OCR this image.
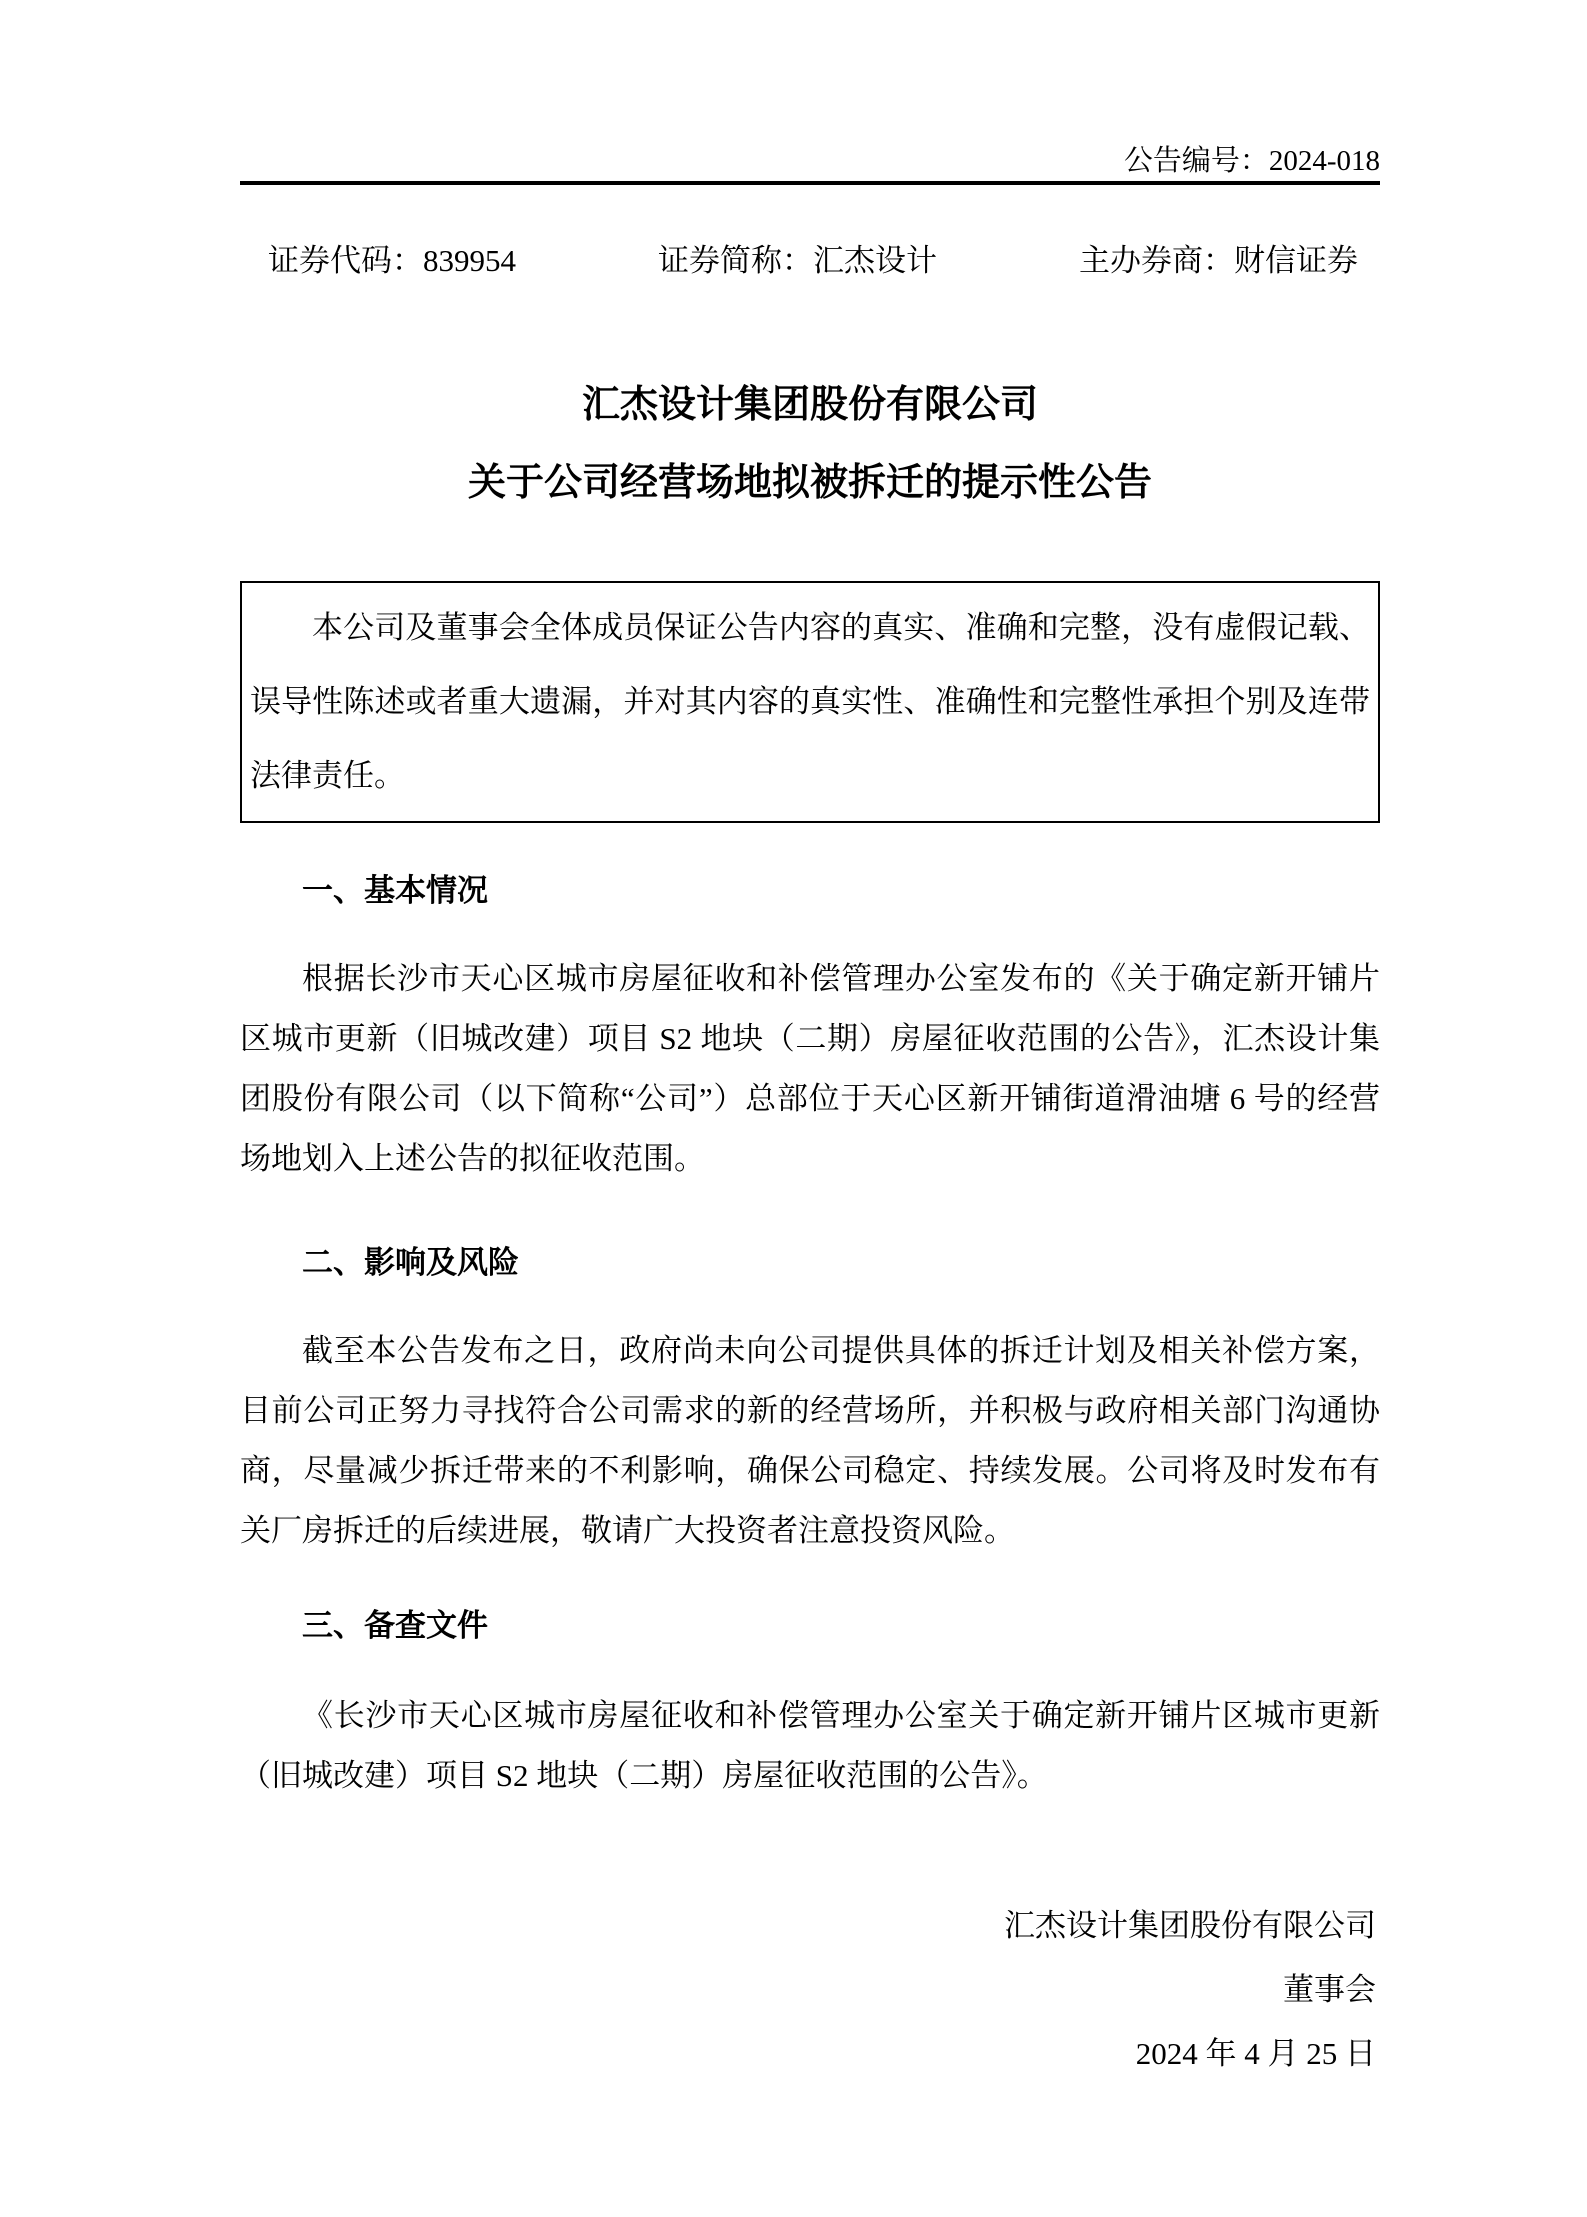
公告编号：2024-018
证券代码：839954	证券简称：汇杰设计	主办券商：财信证券
汇杰设计集团股份有限公司
关于公司经营场地拟被拆迁的提示性公告

本公司及董事会全体成员保证公告内容的真实、准确和完整，没有虚假记载、误导性陈述或者重大遗漏，并对其内容的真实性、准确性和完整性承担个别及连带法律责任。

一、基本情况

根据长沙市天心区城市房屋征收和补偿管理办公室发布的《关于确定新开铺片区城市更新（旧城改建）项目 S2 地块（二期）房屋征收范围的公告》，汇杰设计集团股份有限公司（以下简称“公司”）总部位于天心区新开铺街道滑油塘 6 号的经营场地划入上述公告的拟征收范围。

二、影响及风险

截至本公告发布之日，政府尚未向公司提供具体的拆迁计划及相关补偿方案，目前公司正努力寻找符合公司需求的新的经营场所，并积极与政府相关部门沟通协商，尽量减少拆迁带来的不利影响，确保公司稳定、持续发展。公司将及时发布有关厂房拆迁的后续进展，敬请广大投资者注意投资风险。

三、备查文件

《长沙市天心区城市房屋征收和补偿管理办公室关于确定新开铺片区城市更新（旧城改建）项目 S2 地块（二期）房屋征收范围的公告》。

汇杰设计集团股份有限公司
董事会
2024 年 4 月 25 日
